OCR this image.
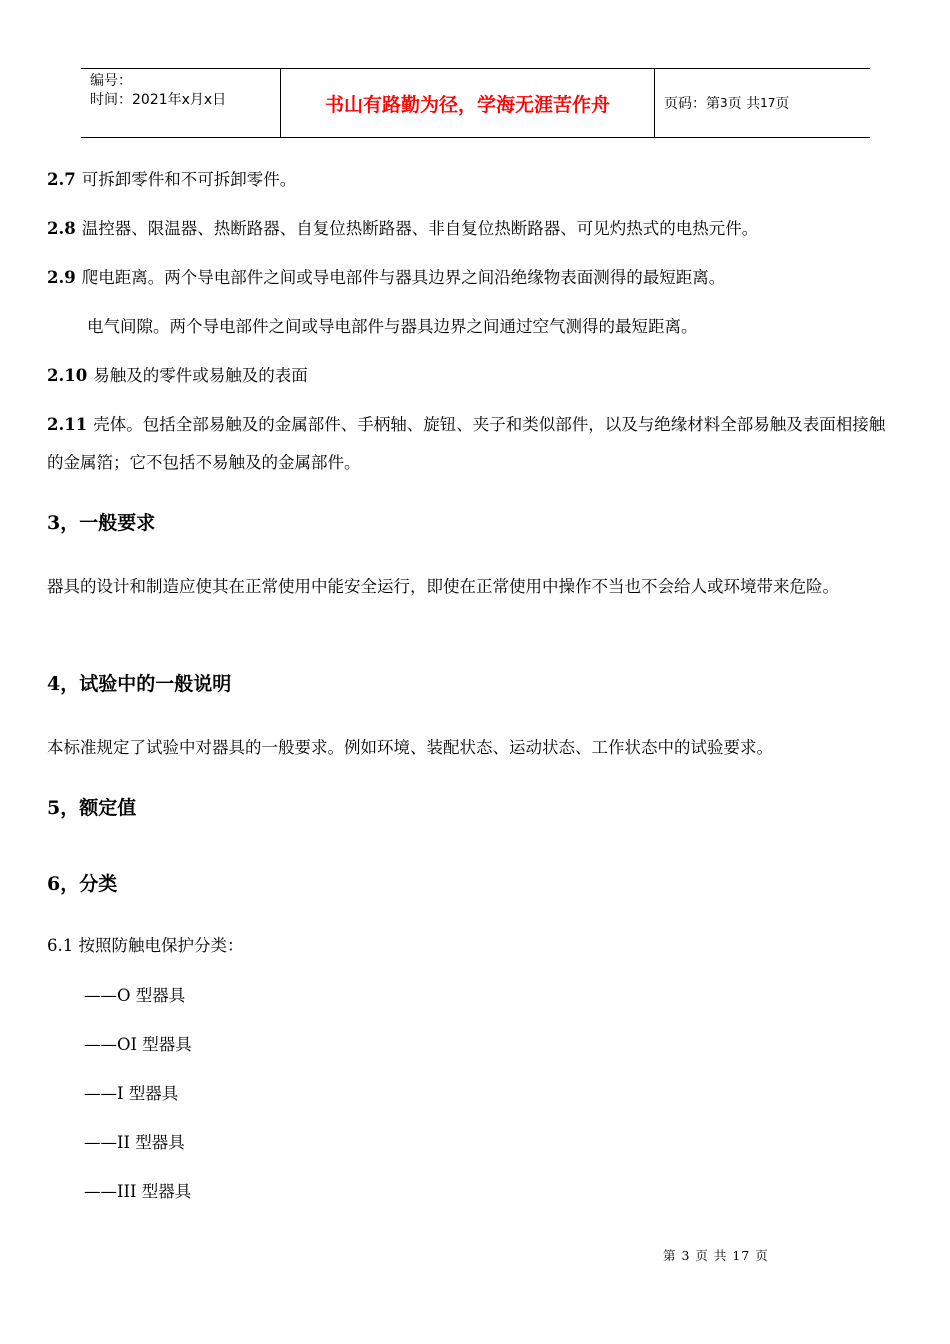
编号：
时间：2021年x月x日	书山有路勤为径，学海无涯苦作舟	页码：第 3 页 共 17 页
2.7 可拆卸零件和不可拆卸零件。
2.8 温控器、限温器、热断路器、自复位热断路器、非自复位热断路器、可见灼热式的电热元件。
2.9 爬电距离。两个导电部件之间或导电部件与器具边界之间沿绝缘物表面测得的最短距离。
电气间隙。两个导电部件之间或导电部件与器具边界之间通过空气测得的最短距离。
2.10 易触及的零件或易触及的表面
2.11 壳体。包括全部易触及的金属部件、手柄轴、旋钮、夹子和类似部件，以及与绝缘材料全部易触及表面相接触的金属箔；它不包括不易触及的金属部件。
3，一般要求
器具的设计和制造应使其在正常使用中能安全运行，即使在正常使用中操作不当也不会给人或环境带来危险。
4，试验中的一般说明
本标准规定了试验中对器具的一般要求。例如环境、装配状态、运动状态、工作状态中的试验要求。
5，额定值
6，分类
6.1 按照防触电保护分类：
——O 型器具
——OI 型器具
——I 型器具
——II 型器具
——III 型器具
第 3 页 共 17 页
